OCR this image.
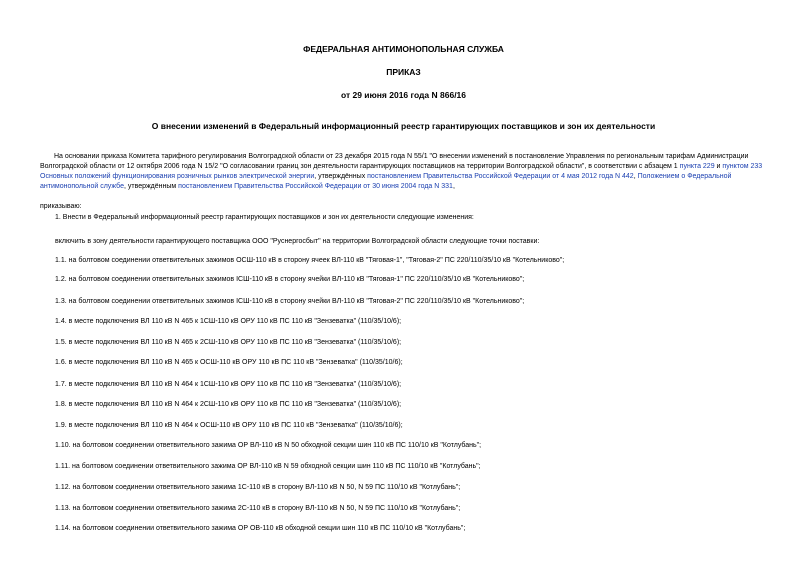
ФЕДЕРАЛЬНАЯ АНТИМОНОПОЛЬНАЯ СЛУЖБА
ПРИКАЗ
от 29 июня 2016 года N 866/16
О внесении изменений в Федеральный информационный реестр гарантирующих поставщиков и зон их деятельности
На основании приказа Комитета тарифного регулирования Волгоградской области от 23 декабря 2015 года N 55/1 "О внесении изменений в постановление Управления по региональным тарифам Администрации Волгоградской области от 12 октября 2006 года N 15/2 "О согласовании границ зон деятельности гарантирующих поставщиков на территории Волгоградской области", в соответствии с абзацем 1 пункта 229 и пунктом 233 Основных положений функционирования розничных рынков электрической энергии, утверждённых постановлением Правительства Российской Федерации от 4 мая 2012 года N 442, Положением о Федеральной антимонопольной службе, утверждённым постановлением Правительства Российской Федерации от 30 июня 2004 года N 331,
приказываю:
1. Внести в Федеральный информационный реестр гарантирующих поставщиков и зон их деятельности следующие изменения:
включить в зону деятельности гарантирующего поставщика ООО "Руснергосбыт" на территории Волгоградской области следующие точки поставки:
1.1. на болтовом соединении ответвительных зажимов ОСШ-110 кВ в сторону ячеек ВЛ-110 кВ "Тяговая-1", "Тяговая-2" ПС 220/110/35/10 кВ "Котельниково";
1.2. на болтовом соединении ответвительных зажимов ІСШ-110 кВ в сторону ячейки ВЛ-110 кВ "Тяговая-1" ПС 220/110/35/10 кВ "Котельниково";
1.3. на болтовом соединении ответвительных зажимов ІСШ-110 кВ в сторону ячейки ВЛ-110 кВ "Тяговая-2" ПС 220/110/35/10 кВ "Котельниково";
1.4. в месте подключения ВЛ 110 кВ N 465 к 1СШ-110 кВ ОРУ 110 кВ ПС 110 кВ "Зензеватка" (110/35/10/6);
1.5. в месте подключения ВЛ 110 кВ N 465 к 2СШ-110 кВ ОРУ 110 кВ ПС 110 кВ "Зензеватка" (110/35/10/6);
1.6. в месте подключения ВЛ 110 кВ N 465 к ОСШ-110 кВ ОРУ 110 кВ ПС 110 кВ "Зензеватка" (110/35/10/6);
1.7. в месте подключения ВЛ 110 кВ N 464 к 1СШ-110 кВ ОРУ 110 кВ ПС 110 кВ "Зензеватка" (110/35/10/6);
1.8. в месте подключения ВЛ 110 кВ N 464 к 2СШ-110 кВ ОРУ 110 кВ ПС 110 кВ "Зензеватка" (110/35/10/6);
1.9. в месте подключения ВЛ 110 кВ N 464 к ОСШ-110 кВ ОРУ 110 кВ ПС 110 кВ "Зензеватка" (110/35/10/6);
1.10. на болтовом соединении ответвительного зажима ОР ВЛ-110 кВ N 50 обходной секции шин 110 кВ ПС 110/10 кВ "Котлубань";
1.11. на болтовом соединении ответвительного зажима ОР ВЛ-110 кВ N 59 обходной секции шин 110 кВ ПС 110/10 кВ "Котлубань";
1.12. на болтовом соединении ответвительного зажима 1С-110 кВ в сторону ВЛ-110 кВ N 50, N 59 ПС 110/10 кВ "Котлубань";
1.13. на болтовом соединении ответвительного зажима 2С-110 кВ в сторону ВЛ-110 кВ N 50, N 59 ПС 110/10 кВ "Котлубань";
1.14. на болтовом соединении ответвительного зажима ОР ОВ-110 кВ обходной секции шин 110 кВ ПС 110/10 кВ "Котлубань";
